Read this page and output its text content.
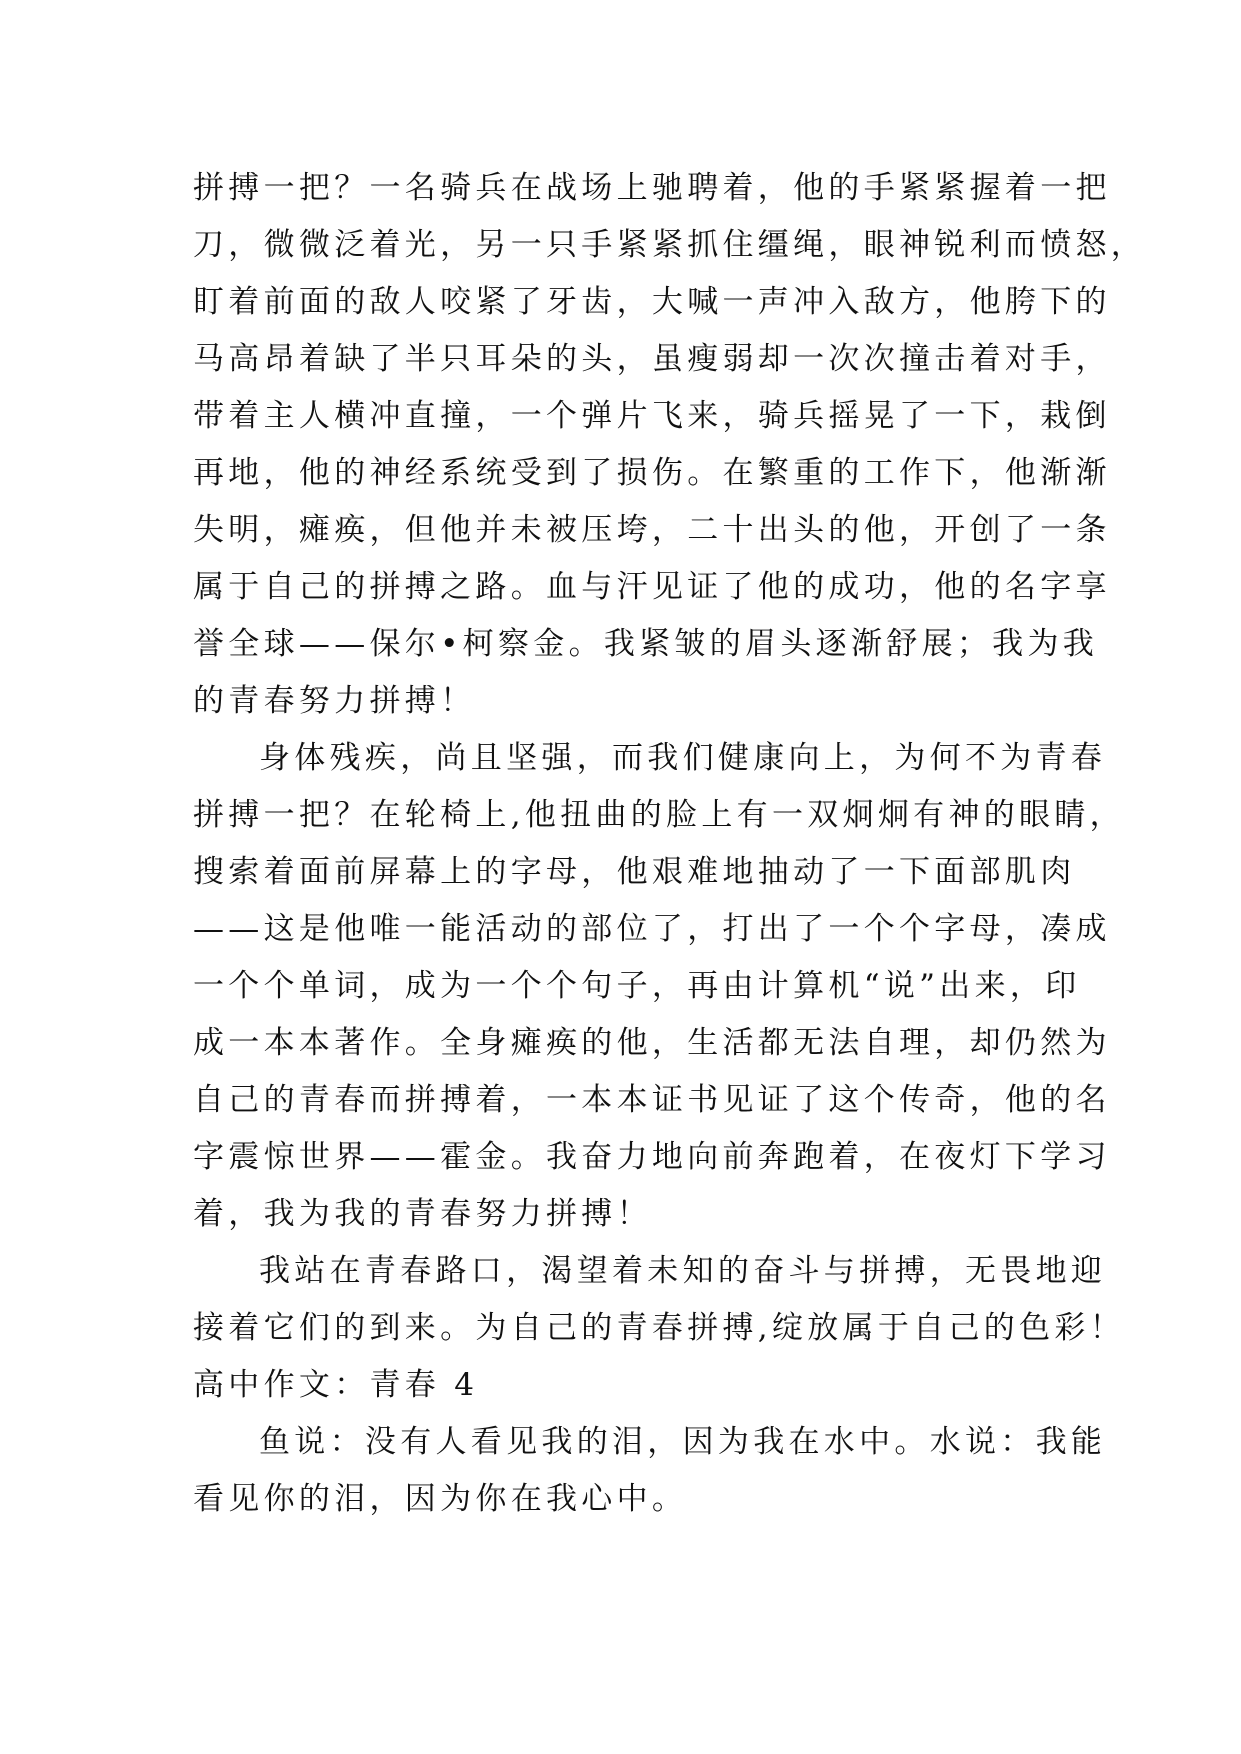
拼搏一把？一名骑兵在战场上驰聘着，他的手紧紧握着一把
刀，微微泛着光，另一只手紧紧抓住缰绳，眼神锐利而愤怒，
盯着前面的敌人咬紧了牙齿，大喊一声冲入敌方，他胯下的
马高昂着缺了半只耳朵的头，虽瘦弱却一次次撞击着对手，
带着主人横冲直撞，一个弹片飞来，骑兵摇晃了一下，栽倒
再地，他的神经系统受到了损伤。在繁重的工作下，他渐渐
失明，瘫痪，但他并未被压垮，二十出头的他，开创了一条
属于自己的拼搏之路。血与汗见证了他的成功，他的名字享
誉全球——保尔•柯察金。我紧皱的眉头逐渐舒展；我为我
的青春努力拼搏！
身体残疾，尚且坚强，而我们健康向上，为何不为青春
拼搏一把？在轮椅上,他扭曲的脸上有一双炯炯有神的眼睛，
搜索着面前屏幕上的字母，他艰难地抽动了一下面部肌肉
——这是他唯一能活动的部位了，打出了一个个字母，凑成
一个个单词，成为一个个句子，再由计算机“说”出来，印
成一本本著作。全身瘫痪的他，生活都无法自理，却仍然为
自己的青春而拼搏着，一本本证书见证了这个传奇，他的名
字震惊世界——霍金。我奋力地向前奔跑着，在夜灯下学习
着，我为我的青春努力拼搏！
我站在青春路口，渴望着未知的奋斗与拼搏，无畏地迎
接着它们的到来。为自己的青春拼搏,绽放属于自己的色彩！
高中作文：青春 4
鱼说：没有人看见我的泪，因为我在水中。水说：我能
看见你的泪，因为你在我心中。
